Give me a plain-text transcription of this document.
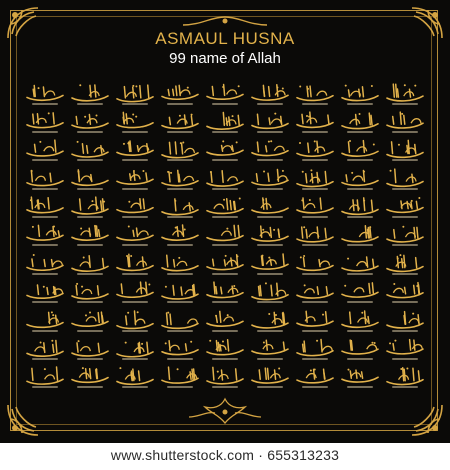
ASMAUL HUSNA
99 name of Allah
www.shutterstock.com · 655313233
